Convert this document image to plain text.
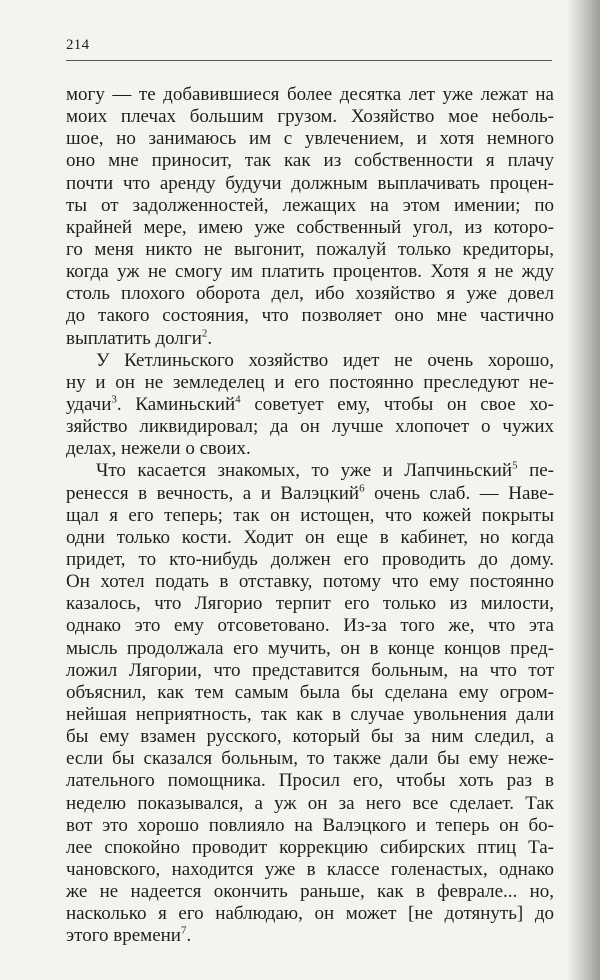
214
могу — те добавившиеся более десятка лет уже лежат на
моих плечах большим грузом. Хозяйство мое неболь-
шое, но занимаюсь им с увлечением, и хотя немного
оно мне приносит, так как из собственности я плачу
почти что аренду будучи должным выплачивать процен-
ты от задолженностей, лежащих на этом имении; по
крайней мере, имею уже собственный угол, из которо-
го меня никто не выгонит, пожалуй только кредиторы,
когда уж не смогу им платить процентов. Хотя я не жду
столь плохого оборота дел, ибо хозяйство я уже довел
до такого состояния, что позволяет оно мне частично
выплатить долги$^2$.
У Кетлиньского хозяйство идет не очень хорошо,
ну и он не земледелец и его постоянно преследуют не-
удачи$^3$. Каминьский$^4$ советует ему, чтобы он свое хо-
зяйство ликвидировал; да он лучше хлопочет о чужих
делах, нежели о своих.
Что касается знакомых, то уже и Лапчиньский$^5$ пе-
ренесся в вечность, а и Валэцкий$^6$ очень слаб. — Наве-
щал я его теперь; так он истощен, что кожей покрыты
одни только кости. Ходит он еще в кабинет, но когда
придет, то кто-нибудь должен его проводить до дому.
Он хотел подать в отставку, потому что ему постоянно
казалось, что Лягорио терпит его только из милости,
однако это ему отсоветовано. Из-за того же, что эта
мысль продолжала его мучить, он в конце концов пред-
ложил Лягории, что представится больным, на что тот
объяснил, как тем самым была бы сделана ему огром-
нейшая неприятность, так как в случае увольнения дали
бы ему взамен русского, который бы за ним следил, а
если бы сказался больным, то также дали бы ему неже-
лательного помощника. Просил его, чтобы хоть раз в
неделю показывался, а уж он за него все сделает. Так
вот это хорошо повлияло на Валэцкого и теперь он бо-
лее спокойно проводит коррекцию сибирских птиц Та-
чановского, находится уже в классе голенастых, однако
же не надеется окончить раньше, как в феврале... но,
насколько я его наблюдаю, он может [не дотянуть] до
этого времени$^7$.
